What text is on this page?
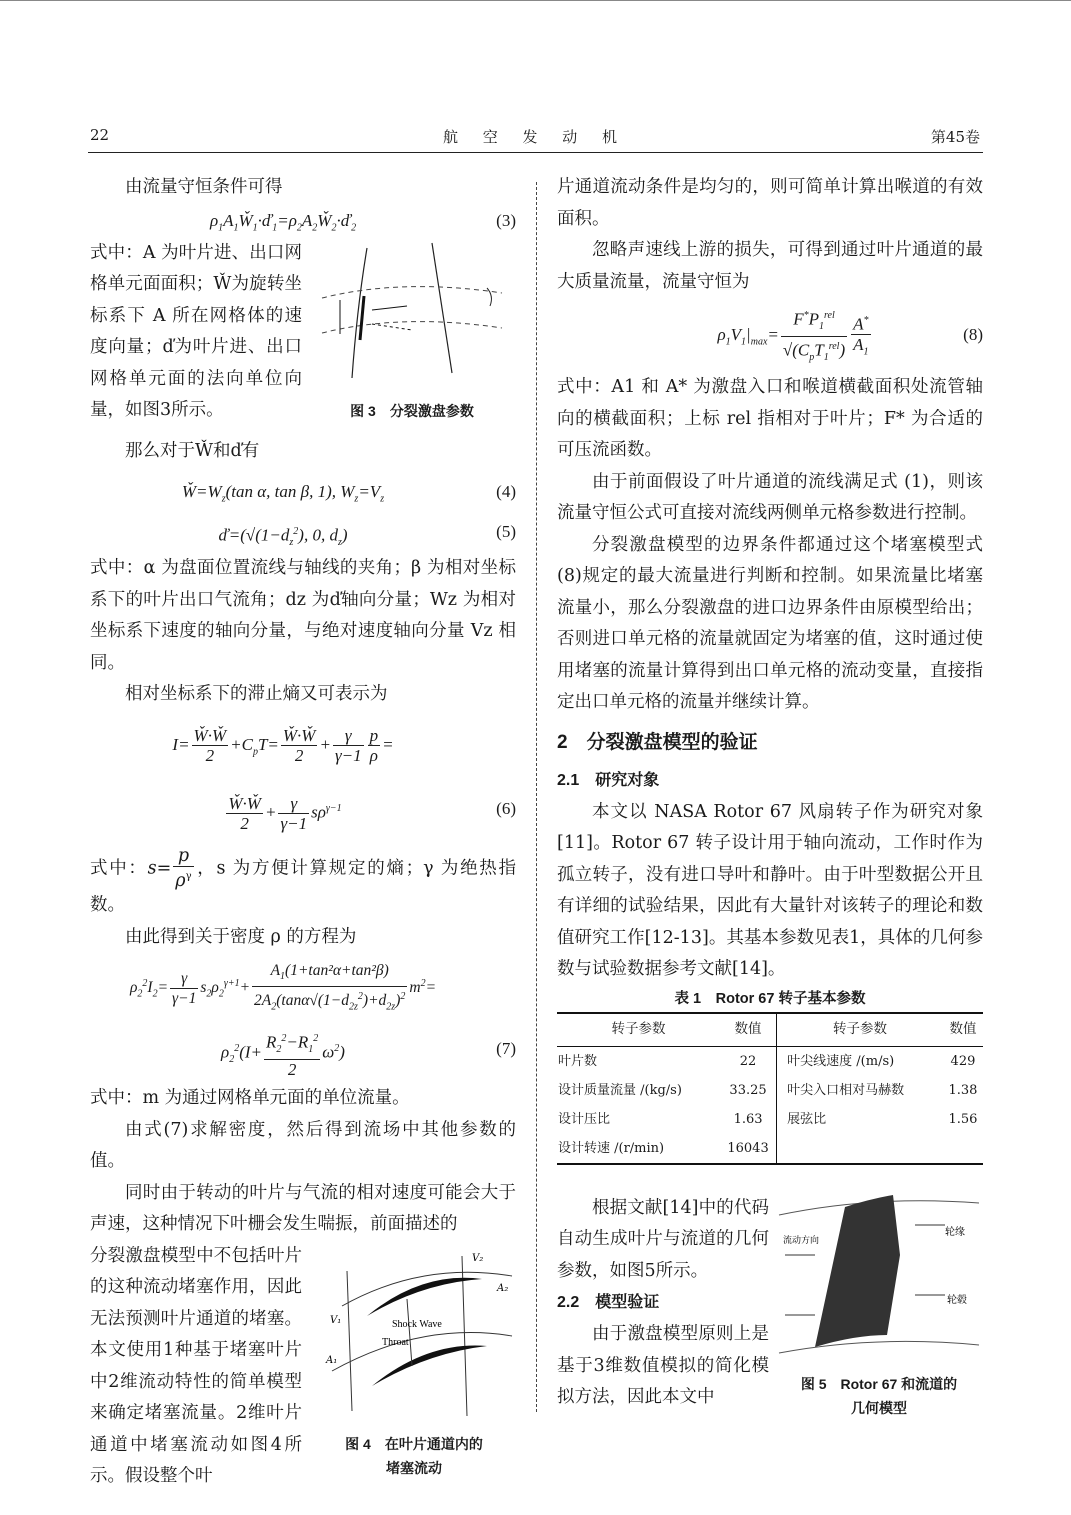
22	航 空 发 动 机	第45卷

由流量守恒条件可得

$\rho_1A_1W̌_1\cdot ď_1=\rho_2A_2W̌_2\cdot ď_2$	(3)

式中：A 为叶片进、出口网格单元面面积；W̌为旋转坐标系下 A 所在网格体的速度向量；ď为叶片进、出口网格单元面的法向单位向量，如图3所示。	图 3　分裂激盘参数

那么对于W̌和ď有

$W̌=W_z(\tan$ α, tan β, 1), $W_z=V_z$	(4)
$ď=(√(1-d_z^2)$, 0, $d_z$)	(5)

式中：α 为盘面位置流线与轴线的夹角；β 为相对坐标系下的叶片出口气流角；dz 为ď轴向分量；Wz 为相对坐标系下速度的轴向分量，与绝对速度轴向分量 Vz 相同。

相对坐标系下的滞止熵又可表示为

$I= \frac{W̌\cdot W̌}{2} +C_pT= \frac{W̌\cdot W̌}{2} + \frac{\gamma}{\gamma-1} \frac{p}{\rho}$ =
$\frac{W̌\cdot W̌}{2} + \frac{\gamma}{\gamma-1} s\rho^{\gamma-1}$	(6)

式中：$s= \frac{p}{\rho^\gamma}$ ，s 为方便计算规定的熵；γ 为绝热指数。

由此得到关于密度 ρ 的方程为

$\rho_2^2I_2= \frac{\gamma}{\gamma-1} s_2\rho_2^{\gamma+1}+ \frac{A_1(1+\tan^2\alpha+\tan^2\beta)}{2A_2(\tan\alpha√(1-d_{2z}^2)+d_{2z})^2} m^2=$
$\rho_2^2(I+ \frac{R_2^2-R_1^2}{2} \omega^2)$	(7)

式中：m 为通过网格单元面的单位流量。

由式(7)求解密度，然后得到流场中其他参数的值。

同时由于转动的叶片与气流的相对速度可能会大于声速，这种情况下叶栅会发生喘振，前面描述的

分裂激盘模型中不包括叶片的这种流动堵塞作用，因此无法预测叶片通道的堵塞。本文使用1种基于堵塞叶片中2维流动特性的简单模型来确定堵塞流量。2维叶片通道中堵塞流动如图4所示。假设整个叶

Shock Wave
Throat
V₁
V₂
A₁
A₂
图 4　在叶片通道内的
堵塞流动

片通道流动条件是均匀的，则可简单计算出喉道的有效面积。

忽略声速线上游的损失，可得到通过叶片通道的最大质量流量，流量守恒为

$\rho_1V_1|_{max}= \frac{F^*P_1^{rel}}{√(C_pT_1^{rel})} \frac{A^*}{A_1}$	(8)

式中：A1 和 A* 为激盘入口和喉道横截面积处流管轴向的横截面积；上标 rel 指相对于叶片；F* 为合适的可压流函数。

由于前面假设了叶片通道的流线满足式 (1)，则该流量守恒公式可直接对流线两侧单元格参数进行控制。

分裂激盘模型的边界条件都通过这个堵塞模型式(8)规定的最大流量进行判断和控制。如果流量比堵塞流量小，那么分裂激盘的进口边界条件由原模型给出；否则进口单元格的流量就固定为堵塞的值，这时通过使用堵塞的流量计算得到出口单元格的流动变量，直接指定出口单元格的流量并继续计算。

2　分裂激盘模型的验证
2.1　研究对象

本文以 NASA Rotor 67 风扇转子作为研究对象[11]。Rotor 67 转子设计用于轴向流动，工作时作为孤立转子，没有进口导叶和静叶。由于叶型数据公开且有详细的试验结果，因此有大量针对该转子的理论和数值研究工作[12-13]。其基本参数见表1，具体的几何参数与试验数据参考文献[14]。

表 1　Rotor 67 转子基本参数
转子参数	数值	转子参数	数值
叶片数	22	叶尖线速度 /(m/s)	429
设计质量流量 /(kg/s)	33.25	叶尖入口相对马赫数	1.38
设计压比	1.63	展弦比	1.56
设计转速 /(r/min)	16043		

根据文献[14]中的代码自动生成叶片与流道的几何参数，如图5所示。

2.2　模型验证

由于激盘模型原则上是基于3维数值模拟的简化模拟方法，因此本文中

轮缘
轮毂
流动方向
图 5　Rotor 67 和流道的
几何模型
